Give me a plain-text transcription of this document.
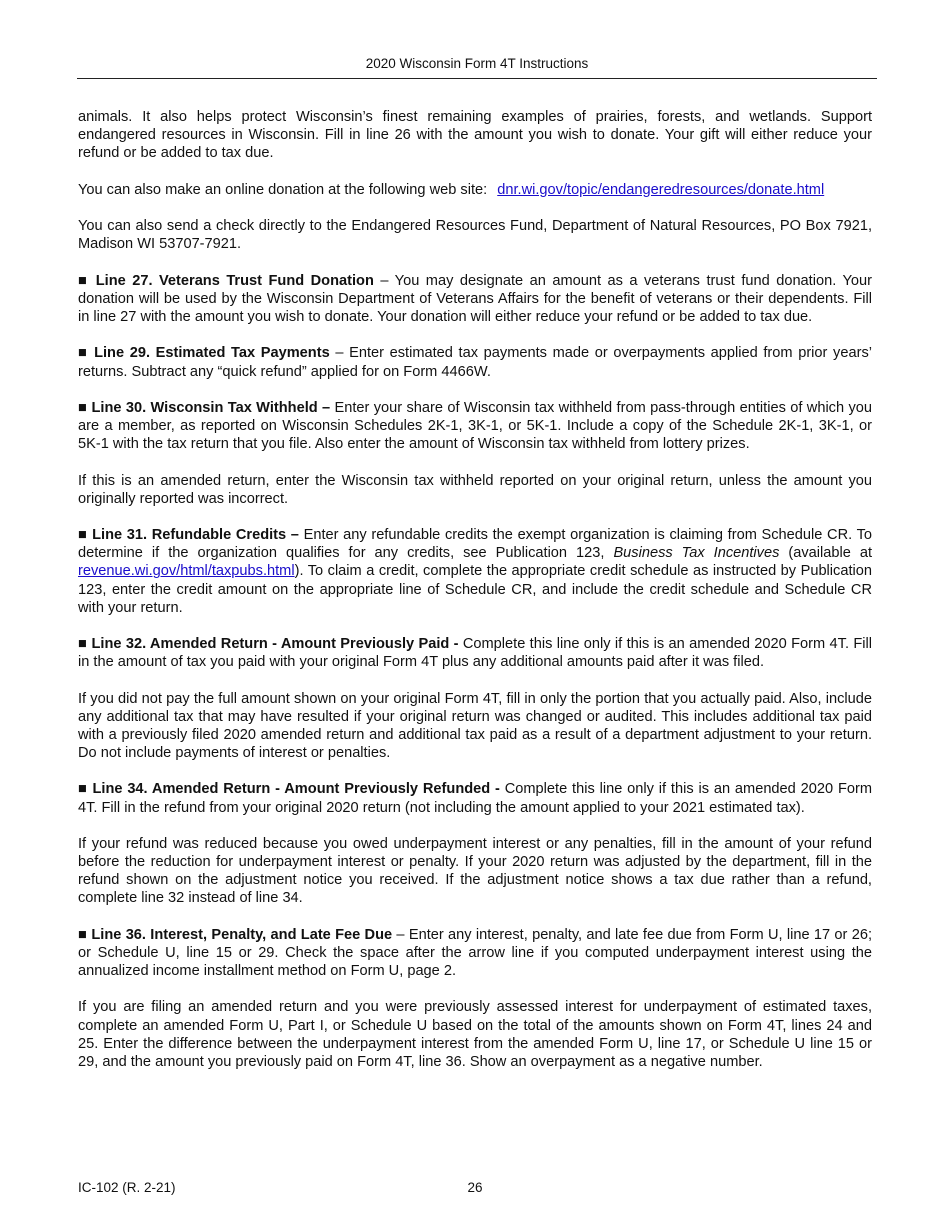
2020 Wisconsin Form 4T Instructions

animals. It also helps protect Wisconsin’s finest remaining examples of prairies, forests, and wetlands. Support endangered resources in Wisconsin. Fill in line 26 with the amount you wish to donate. Your gift will either reduce your refund or be added to tax due.

You can also make an online donation at the following web site: dnr.wi.gov/topic/endangeredresources/donate.html

You can also send a check directly to the Endangered Resources Fund, Department of Natural Resources, PO Box 7921, Madison WI 53707-7921.

■ Line 27. Veterans Trust Fund Donation – You may designate an amount as a veterans trust fund donation. Your donation will be used by the Wisconsin Department of Veterans Affairs for the benefit of veterans or their dependents. Fill in line 27 with the amount you wish to donate. Your donation will either reduce your refund or be added to tax due.

■ Line 29. Estimated Tax Payments – Enter estimated tax payments made or overpayments applied from prior years’ returns. Subtract any “quick refund” applied for on Form 4466W.

■ Line 30. Wisconsin Tax Withheld – Enter your share of Wisconsin tax withheld from pass-through entities of which you are a member, as reported on Wisconsin Schedules 2K-1, 3K-1, or 5K-1. Include a copy of the Schedule 2K-1, 3K-1, or 5K-1 with the tax return that you file. Also enter the amount of Wisconsin tax withheld from lottery prizes.

If this is an amended return, enter the Wisconsin tax withheld reported on your original return, unless the amount you originally reported was incorrect.

■ Line 31. Refundable Credits – Enter any refundable credits the exempt organization is claiming from Schedule CR. To determine if the organization qualifies for any credits, see Publication 123, Business Tax Incentives (available at revenue.wi.gov/html/taxpubs.html). To claim a credit, complete the appropriate credit schedule as instructed by Publication 123, enter the credit amount on the appropriate line of Schedule CR, and include the credit schedule and Schedule CR with your return.

■ Line 32. Amended Return - Amount Previously Paid - Complete this line only if this is an amended 2020 Form 4T. Fill in the amount of tax you paid with your original Form 4T plus any additional amounts paid after it was filed.

If you did not pay the full amount shown on your original Form 4T, fill in only the portion that you actually paid. Also, include any additional tax that may have resulted if your original return was changed or audited. This includes additional tax paid with a previously filed 2020 amended return and additional tax paid as a result of a department adjustment to your return. Do not include payments of interest or penalties.

■ Line 34. Amended Return - Amount Previously Refunded - Complete this line only if this is an amended 2020 Form 4T. Fill in the refund from your original 2020 return (not including the amount applied to your 2021 estimated tax).

If your refund was reduced because you owed underpayment interest or any penalties, fill in the amount of your refund before the reduction for underpayment interest or penalty. If your 2020 return was adjusted by the department, fill in the refund shown on the adjustment notice you received. If the adjustment notice shows a tax due rather than a refund, complete line 32 instead of line 34.

■ Line 36. Interest, Penalty, and Late Fee Due – Enter any interest, penalty, and late fee due from Form U, line 17 or 26; or Schedule U, line 15 or 29. Check the space after the arrow line if you computed underpayment interest using the annualized income installment method on Form U, page 2.

If you are filing an amended return and you were previously assessed interest for underpayment of estimated taxes, complete an amended Form U, Part I, or Schedule U based on the total of the amounts shown on Form 4T, lines 24 and 25. Enter the difference between the underpayment interest from the amended Form U, line 17, or Schedule U line 15 or 29, and the amount you previously paid on Form 4T, line 36. Show an overpayment as a negative number.

IC-102 (R. 2-21)	26
